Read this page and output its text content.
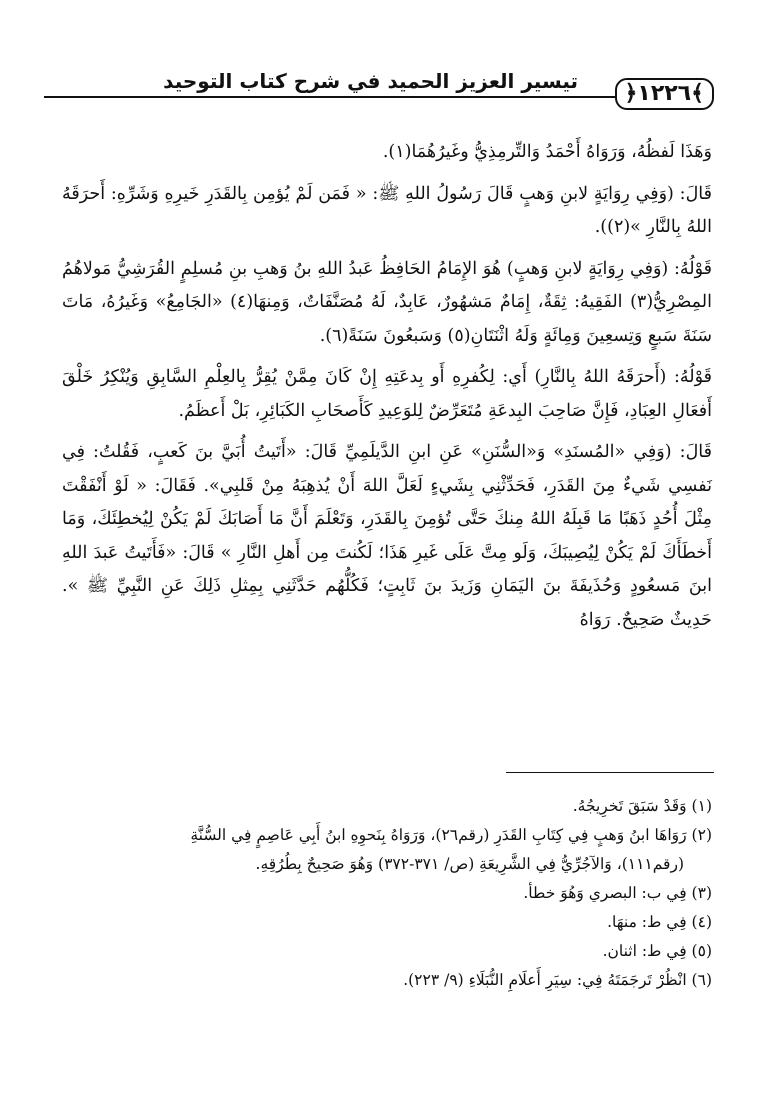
﴿١٢٢٦﴾
تيسير العزيز الحميد في شرح كتاب التوحيد

وَهَذَا لَفظُهُ، وَرَوَاهُ أَحْمَدُ وَالتِّرمِذِيُّ وغَيرُهُمَا(١).

قَالَ: (وَفِي رِوَايَةٍ لابنِ وَهبٍ قَالَ رَسُولُ اللهِ ﷺ: « فَمَن لَمْ يُؤمِن بِالقَدَرِ خَيرِهِ وَشَرِّهِ: أَحرَقَهُ اللهُ بِالنَّارِ »(٢)).

قَوْلُهُ: (وَفِي رِوَايَةٍ لابنِ وَهبٍ) هُوَ الإِمَامُ الحَافِظُ عَبدُ اللهِ بنُ وَهبِ بنِ مُسلِمٍ القُرَشِيُّ مَولاهُمُ المِصْرِيُّ(٣) الفَقِيهُ: ثِقَةٌ، إِمَامٌ مَشهُورٌ، عَابِدٌ، لَهُ مُصَنَّفَاتٌ، وَمِنهَا(٤) «الجَامِعُ» وَغَيرُهُ، مَاتَ سَنَةَ سَبعٍ وَتِسعِينَ وَمِائَةٍ وَلَهُ اثْنَتَانِ(٥) وَسَبعُونَ سَنَةً(٦).

قَوْلُهُ: (أَحرَقَهُ اللهُ بِالنَّارِ) أَي: لِكُفرِهِ أَو بِدعَتِهِ إِنْ كَانَ مِمَّنْ يُقِرُّ بِالعِلْمِ السَّابِقِ وَيُنْكِرُ خَلْقَ أَفعَالِ العِبَادِ، فَإِنَّ صَاحِبَ البِدعَةِ مُتَعَرِّضٌ لِلوَعِيدِ كَأَصحَابِ الكَبَائِرِ، بَلْ أَعظَمُ.

قَالَ: (وَفِي «المُسنَدِ» وَ«السُّنَنِ» عَنِ ابنِ الدَّيلَمِيِّ قَالَ: «أَتَيتُ أُبَيَّ بنَ كَعبٍ، فَقُلتُ: فِي نَفسِي شَيءٌ مِنَ القَدَرِ، فَحَدِّثْنِي بِشَيءٍ لَعَلَّ اللهَ أَنْ يُذهِبَهُ مِنْ قَلبِي». فَقَالَ: « لَوْ أَنْفَقْتَ مِثْلَ أُحُدٍ ذَهَبًا مَا قَبِلَهُ اللهُ مِنكَ حَتَّى تُؤمِنَ بِالقَدَرِ، وَتَعْلَمَ أَنَّ مَا أَصَابَكَ لَمْ يَكُنْ لِيُخطِئَكَ، وَمَا أَخطَأَكَ لَمْ يَكُنْ لِيُصِيبَكَ، وَلَو مِتَّ عَلَى غَيرِ هَذَا؛ لَكُنتَ مِن أَهلِ النَّارِ » قَالَ: «فَأَتَيتُ عَبدَ اللهِ ابنَ مَسعُودٍ وَحُذَيفَةَ بنَ اليَمَانِ وَزَيدَ بنَ ثَابِتٍ؛ فَكُلُّهُم حَدَّثَنِي بِمِثلِ ذَلِكَ عَنِ النَّبِيِّ ﷺ ». حَدِيثٌ صَحِيحٌ. رَوَاهُ

(١) وَقَدْ سَبَقَ تَخرِيجُهُ.

(٢) رَوَاهَا ابنُ وَهبٍ فِي كِتَابِ القَدَرِ (رقم٢٦)، وَرَوَاهُ بِنَحوِهِ ابنُ أَبِي عَاصِمٍ فِي السُّنَّةِ

(رقم١١١)، وَالآجُرِّيُّ فِي الشَّرِيعَةِ (ص/ ٣٧١-٣٧٢) وَهُوَ صَحِيحٌ بِطُرُقِهِ.

(٣) فِي ب: البصري وَهُوَ خطأ.

(٤) فِي ط: منهَا.

(٥) فِي ط: اثنان.

(٦) انْظُرْ تَرجَمَتَهُ فِي: سِيَرِ أَعلَامِ النُّبَلَاءِ (٩/ ٢٢٣).
